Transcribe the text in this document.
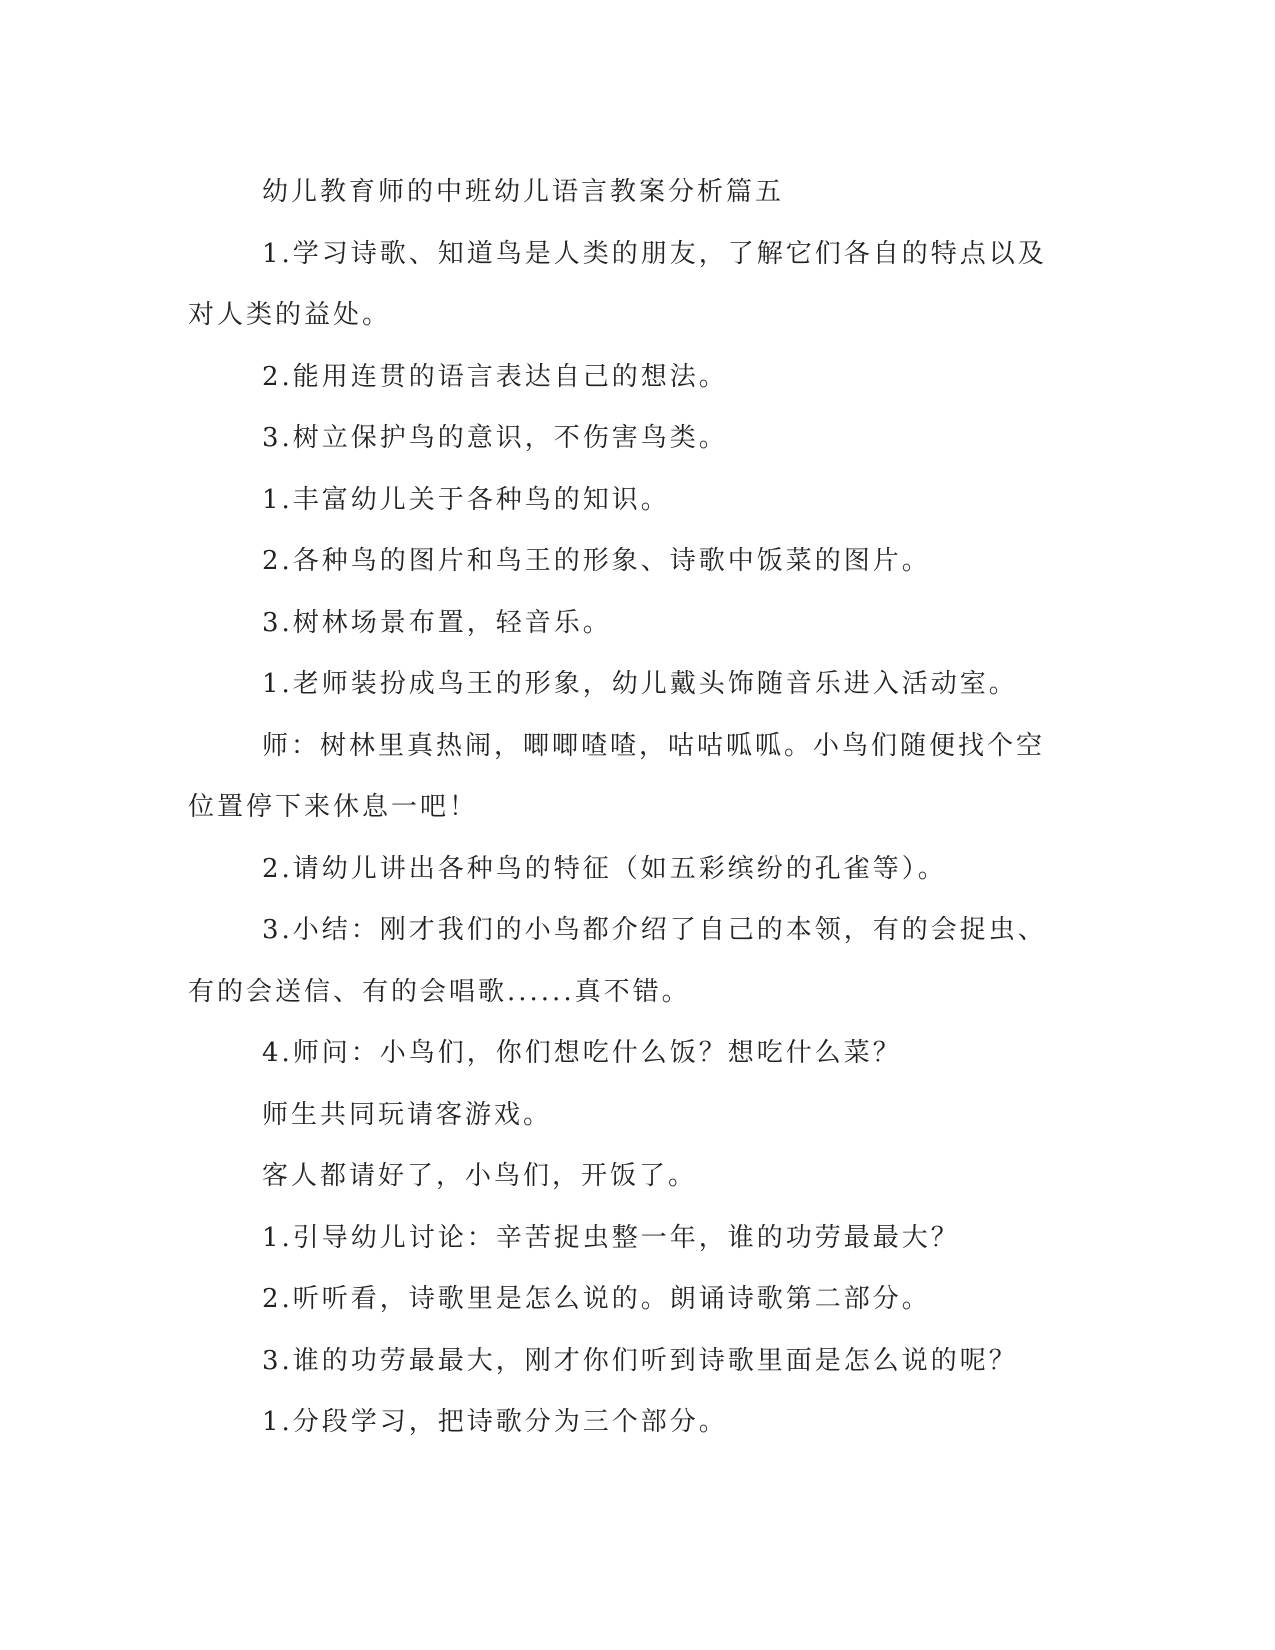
幼儿教育师的中班幼儿语言教案分析篇五

1.学习诗歌、知道鸟是人类的朋友，了解它们各自的特点以及对人类的益处。

2.能用连贯的语言表达自己的想法。

3.树立保护鸟的意识，不伤害鸟类。

1.丰富幼儿关于各种鸟的知识。

2.各种鸟的图片和鸟王的形象、诗歌中饭菜的图片。

3.树林场景布置，轻音乐。

1.老师装扮成鸟王的形象，幼儿戴头饰随音乐进入活动室。

师：树林里真热闹，唧唧喳喳，咕咕呱呱。小鸟们随便找个空位置停下来休息一吧！

2.请幼儿讲出各种鸟的特征（如五彩缤纷的孔雀等）。

3.小结：刚才我们的小鸟都介绍了自己的本领，有的会捉虫、有的会送信、有的会唱歌......真不错。

4.师问：小鸟们，你们想吃什么饭？想吃什么菜？

师生共同玩请客游戏。

客人都请好了，小鸟们，开饭了。

1.引导幼儿讨论：辛苦捉虫整一年，谁的功劳最最大？

2.听听看，诗歌里是怎么说的。朗诵诗歌第二部分。

3.谁的功劳最最大，刚才你们听到诗歌里面是怎么说的呢？

1.分段学习，把诗歌分为三个部分。
